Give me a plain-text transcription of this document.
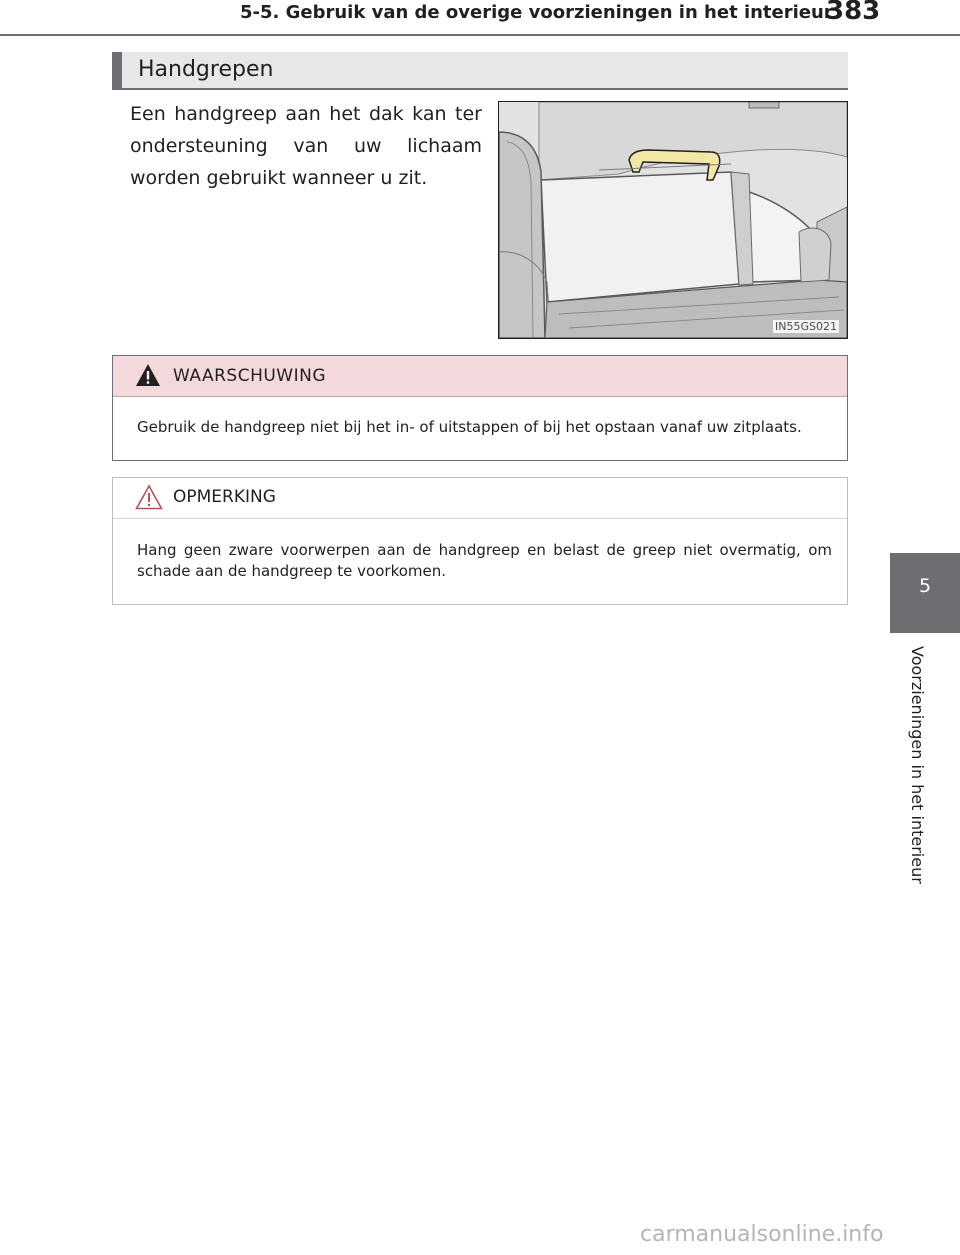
5-5. Gebruik van de overige voorzieningen in het interieur
383
Handgrepen
Een handgreep aan het dak kan ter ondersteuning van uw lichaam worden gebruikt wanneer u zit.
IN55GS021
WAARSCHUWING
Gebruik de handgreep niet bij het in- of uitstappen of bij het opstaan vanaf uw zitplaats.
OPMERKING
Hang geen zware voorwerpen aan de handgreep en belast de greep niet overmatig, om schade aan de handgreep te voorkomen.
5
Voorzieningen in het interieur
carmanualsonline.info
